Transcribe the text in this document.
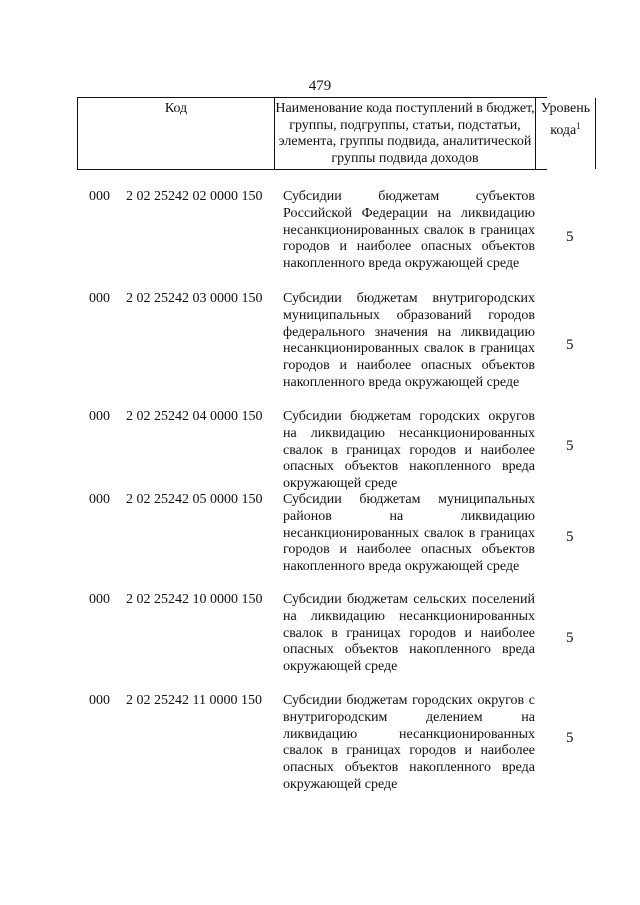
479
Код	Наименование кода поступлений в бюджет, группы, подгруппы, статьи, подстатьи, элемента, группы подвида, аналитической группы подвида доходов
Уровень кода$^1$
000 2 02 25242 02 0000 150 Субсидии бюджетам субъектов Российской Федерации на ликвидацию несанкционированных свалок в границах городов и наиболее опасных объектов накопленного вреда окружающей среде
5
000 2 02 25242 03 0000 150 Субсидии бюджетам внутригородских муниципальных образований городов федерального значения на ликвидацию несанкционированных свалок в границах городов и наиболее опасных объектов накопленного вреда окружающей среде
5
000 2 02 25242 04 0000 150 Субсидии бюджетам городских округов на ликвидацию несанкционированных свалок в границах городов и наиболее опасных объектов накопленного вреда окружающей среде
5
000 2 02 25242 05 0000 150 Субсидии бюджетам муниципальных районов на ликвидацию несанкционированных свалок в границах городов и наиболее опасных объектов накопленного вреда окружающей среде
5
000 2 02 25242 10 0000 150 Субсидии бюджетам сельских поселений на ликвидацию несанкционированных свалок в границах городов и наиболее опасных объектов накопленного вреда окружающей среде
5
000 2 02 25242 11 0000 150 Субсидии бюджетам городских округов с внутригородским делением на ликвидацию несанкционированных свалок в границах городов и наиболее опасных объектов накопленного вреда окружающей среде
5
